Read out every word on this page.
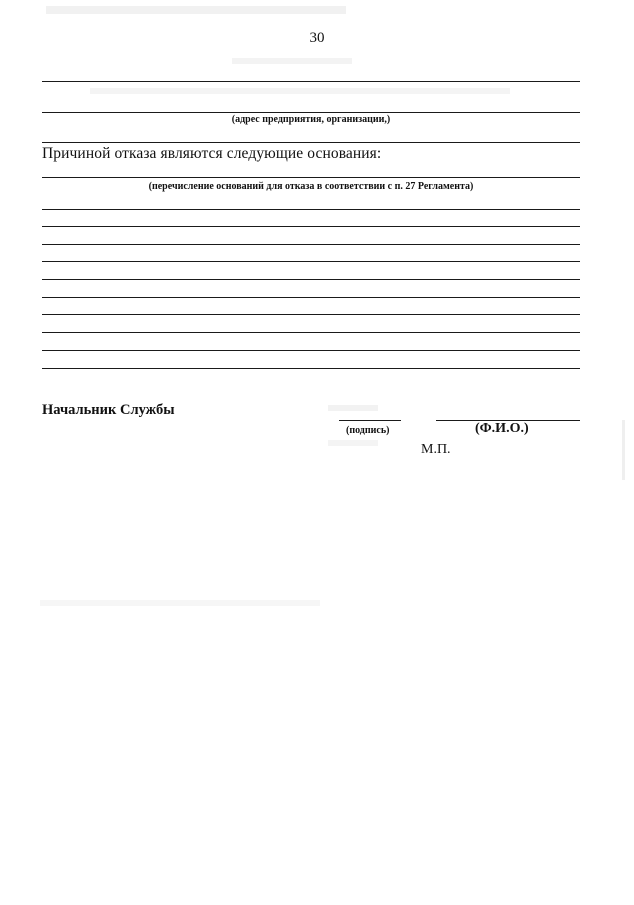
30
(адрес предприятия, организации,)
Причиной отказа являются следующие основания:
(перечисление оснований для отказа в соответствии с п. 27 Регламента)
Начальник Службы
(подпись)	(Ф.И.О.)
М.П.
